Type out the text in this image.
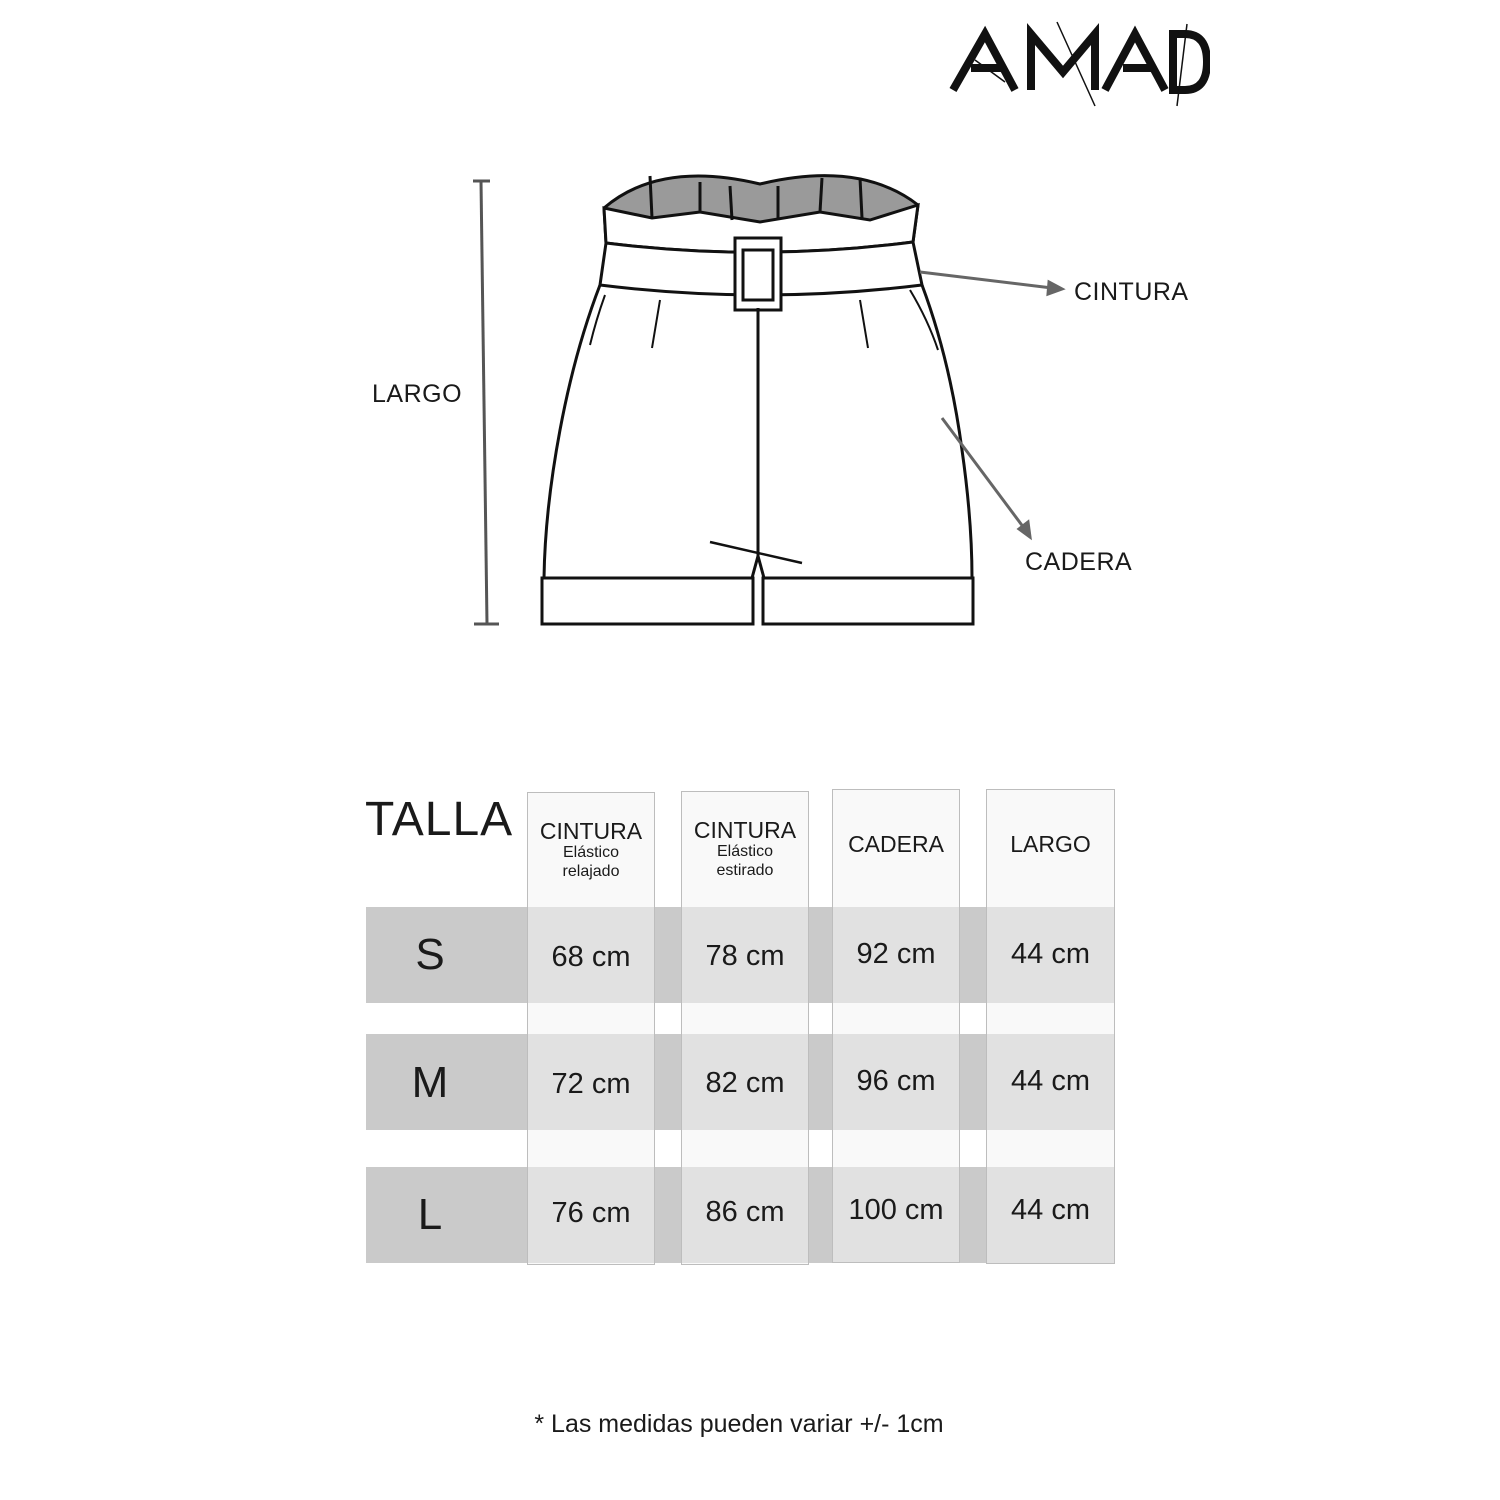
LARGO
CINTURA
CADERA
TALLA
S
M
L
CINTURA
Elástico
relajado
68 cm
72 cm
76 cm
CINTURA
Elástico
estirado
78 cm
82 cm
86 cm
CADERA
92 cm
96 cm
100 cm
LARGO
44 cm
44 cm
44 cm
* Las medidas pueden variar +/- 1cm
